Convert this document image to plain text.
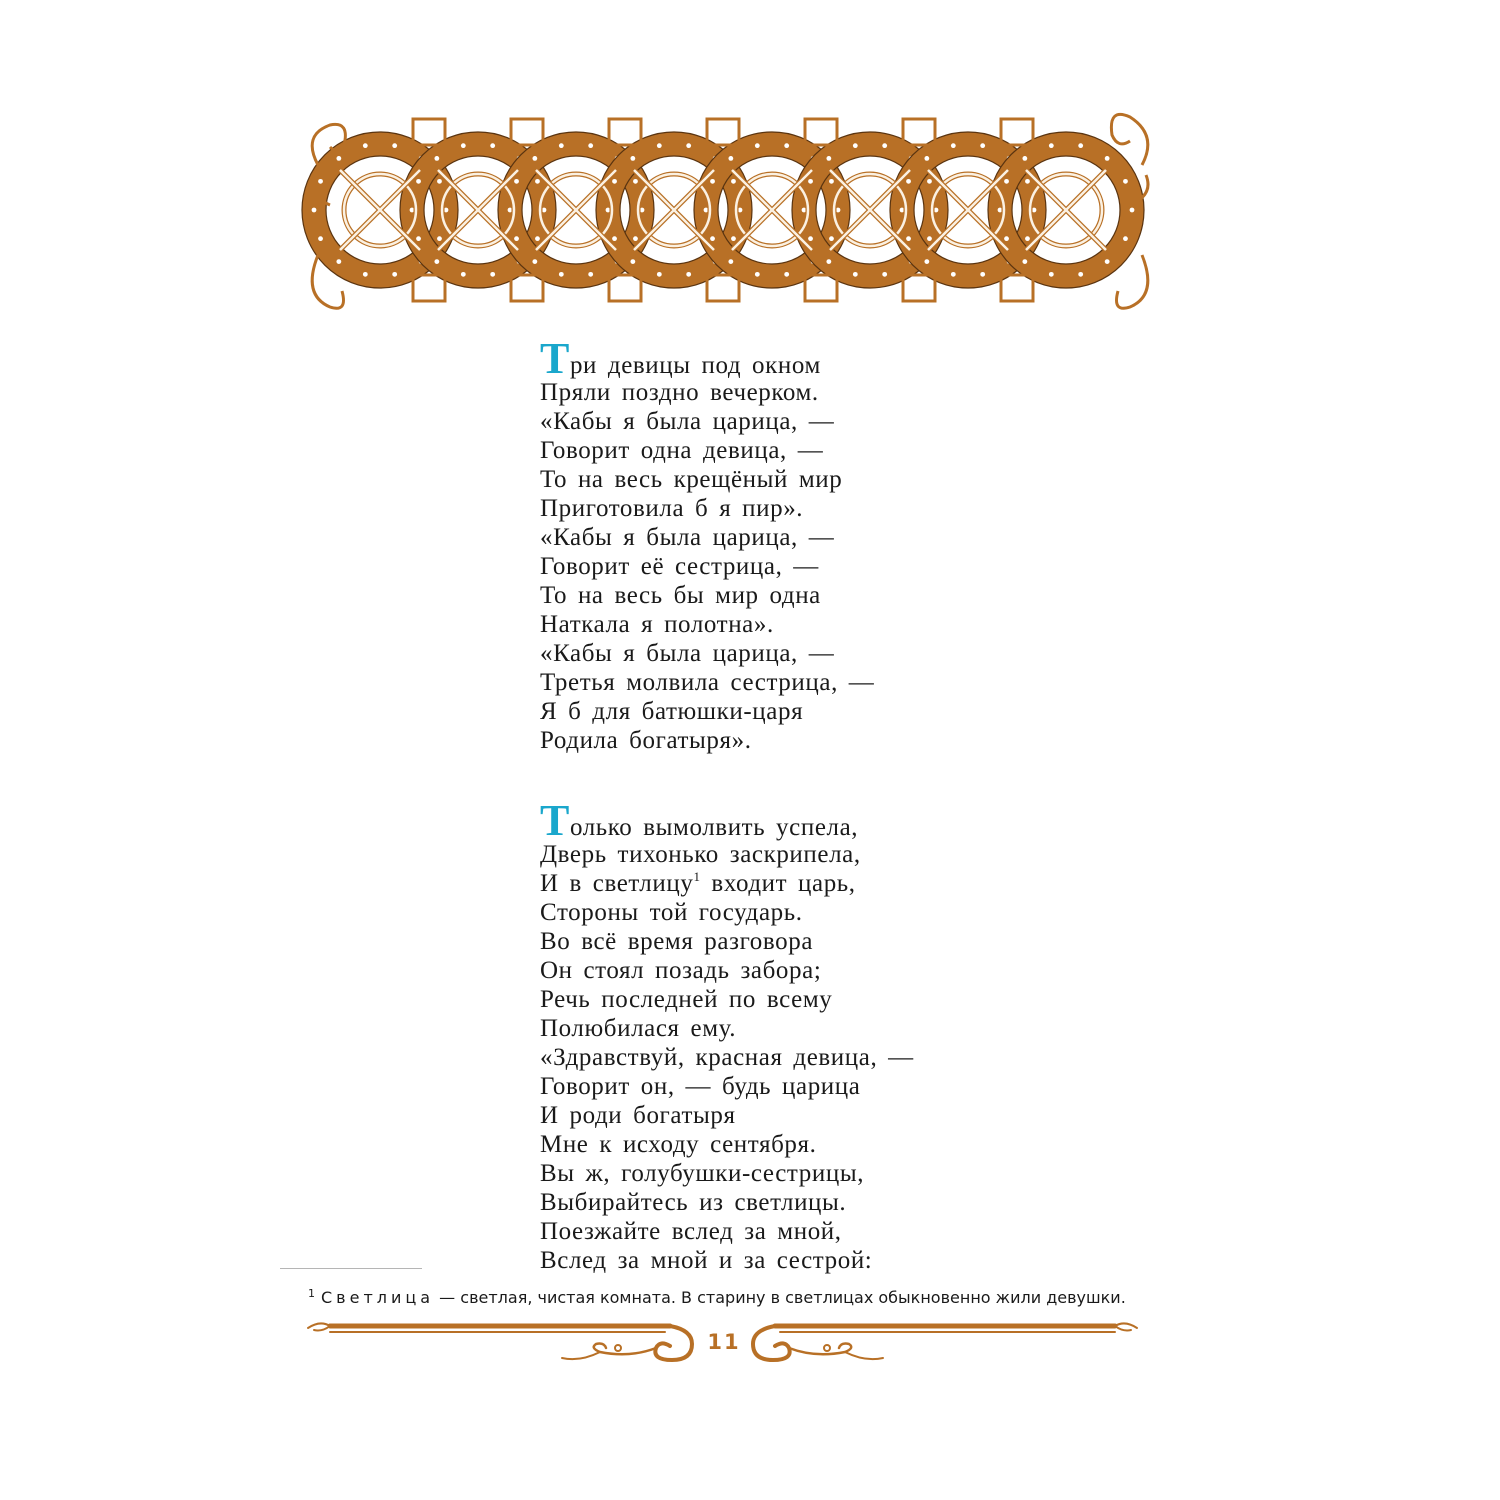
Три девицы под окном
Пряли поздно вечерком.
«Кабы я была царица, —
Говорит одна девица, —
То на весь крещёный мир
Приготовила б я пир».
«Кабы я была царица, —
Говорит её сестрица, —
То на весь бы мир одна
Наткала я полотна».
«Кабы я была царица, —
Третья молвила сестрица, —
Я б для батюшки-царя
Родила богатыря».
Только вымолвить успела,
Дверь тихонько заскрипела,
И в светлицу$^1$ входит царь,
Стороны той государь.
Во всё время разговора
Он стоял позадь забора;
Речь последней по всему
Полюбилася ему.
«Здравствуй, красная девица, —
Говорит он, — будь царица
И роди богатыря
Мне к исходу сентября.
Вы ж, голубушки-сестрицы,
Выбирайтесь из светлицы.
Поезжайте вслед за мной,
Вслед за мной и за сестрой:
$^1$ Светлица — светлая, чистая комната. В старину в светлицах обыкновенно жили девушки.
11
